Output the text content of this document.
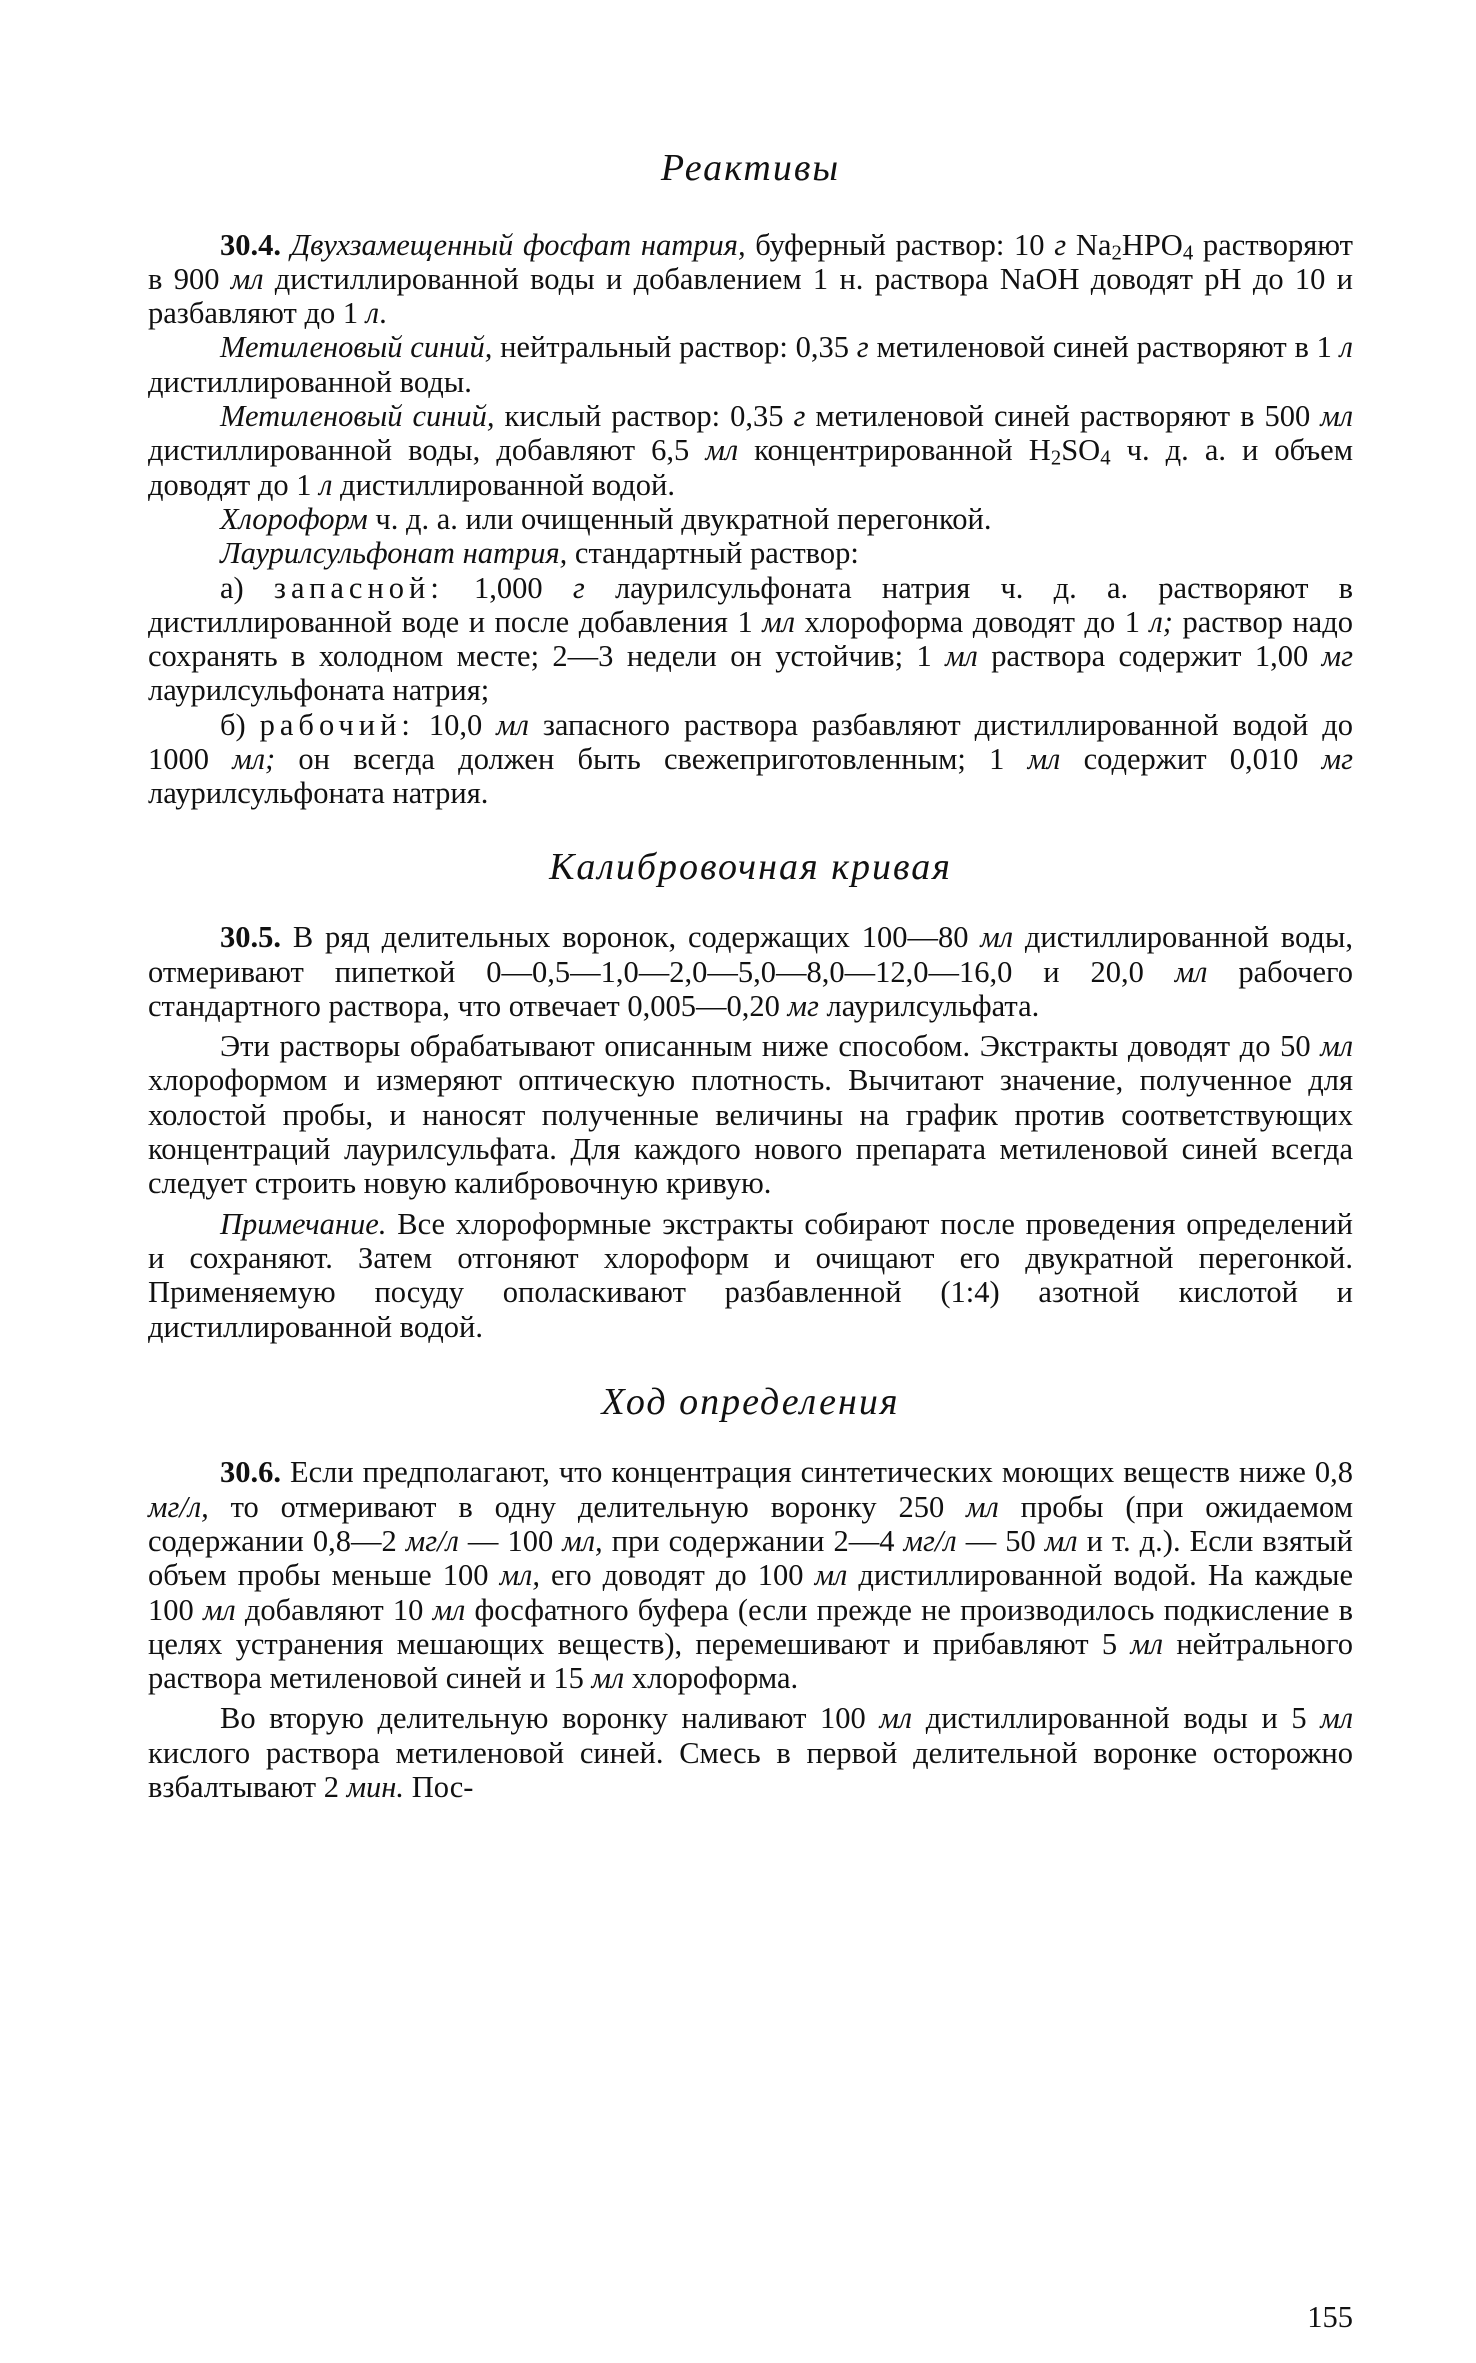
Реактивы

30.4. Двухзамещенный фосфат натрия, буферный раствор: 10 г $Na_2HPO_4$ растворяют в 900 мл дистиллированной воды и добавлением 1 н. раствора NaOH доводят pH до 10 и разбавляют до 1 л.

Метиленовый синий, нейтральный раствор: 0,35 г метиленовой синей растворяют в 1 л дистиллированной воды.

Метиленовый синий, кислый раствор: 0,35 г метиленовой синей растворяют в 500 мл дистиллированной воды, добавляют 6,5 мл концентрированной $H_2SO_4$ ч. д. а. и объем доводят до 1 л дистиллированной водой.

Хлороформ ч. д. а. или очищенный двукратной перегонкой.

Лаурилсульфонат натрия, стандартный раствор:

а) запасной: 1,000 г лаурилсульфоната натрия ч. д. а. растворяют в дистиллированной воде и после добавления 1 мл хлороформа доводят до 1 л; раствор надо сохранять в холодном месте; 2—3 недели он устойчив; 1 мл раствора содержит 1,00 мг лаурилсульфоната натрия;

б) рабочий: 10,0 мл запасного раствора разбавляют дистиллированной водой до 1000 мл; он всегда должен быть свежеприготовленным; 1 мл содержит 0,010 мг лаурилсульфоната натрия.

Калибровочная кривая

30.5. В ряд делительных воронок, содержащих 100—80 мл дистиллированной воды, отмеривают пипеткой 0—0,5—1,0—2,0—5,0—8,0—12,0—16,0 и 20,0 мл рабочего стандартного раствора, что отвечает 0,005—0,20 мг лаурилсульфата.

Эти растворы обрабатывают описанным ниже способом. Экстракты доводят до 50 мл хлороформом и измеряют оптическую плотность. Вычитают значение, полученное для холостой пробы, и наносят полученные величины на график против соответствующих концентраций лаурилсульфата. Для каждого нового препарата метиленовой синей всегда следует строить новую калибровочную кривую.

Примечание. Все хлороформные экстракты собирают после проведения определений и сохраняют. Затем отгоняют хлороформ и очищают его двукратной перегонкой. Применяемую посуду ополаскивают разбавленной (1:4) азотной кислотой и дистиллированной водой.

Ход определения

30.6. Если предполагают, что концентрация синтетических моющих веществ ниже 0,8 мг/л, то отмеривают в одну делительную воронку 250 мл пробы (при ожидаемом содержании 0,8—2 мг/л — 100 мл, при содержании 2—4 мг/л — 50 мл и т. д.). Если взятый объем пробы меньше 100 мл, его доводят до 100 мл дистиллированной водой. На каждые 100 мл добавляют 10 мл фосфатного буфера (если прежде не производилось подкисление в целях устранения мешающих веществ), перемешивают и прибавляют 5 мл нейтрального раствора метиленовой синей и 15 мл хлороформа.

Во вторую делительную воронку наливают 100 мл дистиллированной воды и 5 мл кислого раствора метиленовой синей. Смесь в первой делительной воронке осторожно взбалтывают 2 мин. Пос-

155
